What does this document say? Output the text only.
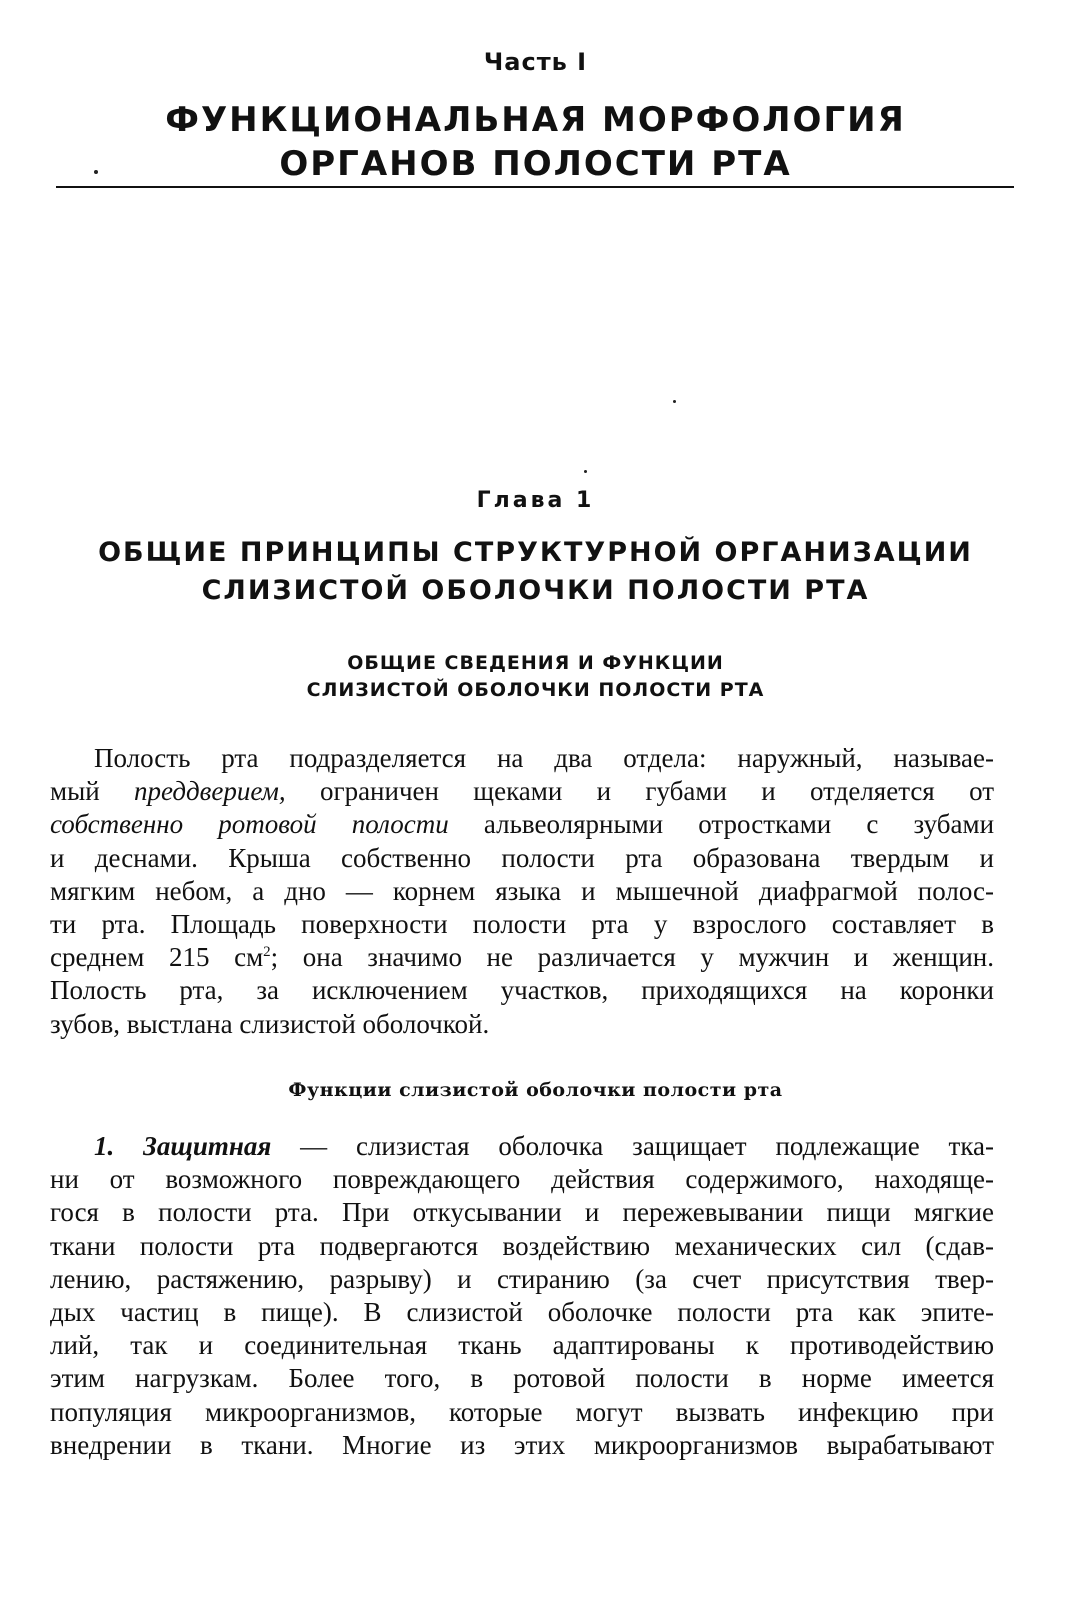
Часть I
ФУНКЦИОНАЛЬНАЯ МОРФОЛОГИЯ
ОРГАНОВ ПОЛОСТИ РТА
Глава 1
ОБЩИЕ ПРИНЦИПЫ СТРУКТУРНОЙ ОРГАНИЗАЦИИ
СЛИЗИСТОЙ ОБОЛОЧКИ ПОЛОСТИ РТА
ОБЩИЕ СВЕДЕНИЯ И ФУНКЦИИ
СЛИЗИСТОЙ ОБОЛОЧКИ ПОЛОСТИ РТА
Полость рта подразделяется на два отдела: наружный, называе-
мый преддверием, ограничен щеками и губами и отделяется от
собственно ротовой полости альвеолярными отростками с зубами
и деснами. Крыша собственно полости рта образована твердым и
мягким небом, а дно — корнем языка и мышечной диафрагмой полос-
ти рта. Площадь поверхности полости рта у взрослого составляет в
среднем 215 $см^2$; она значимо не различается у мужчин и женщин.
Полость рта, за исключением участков, приходящихся на коронки
зубов, выстлана слизистой оболочкой.
Функции слизистой оболочки полости рта
1. Защитная — слизистая оболочка защищает подлежащие тка-
ни от возможного повреждающего действия содержимого, находяще-
гося в полости рта. При откусывании и пережевывании пищи мягкие
ткани полости рта подвергаются воздействию механических сил (сдав-
лению, растяжению, разрыву) и стиранию (за счет присутствия твер-
дых частиц в пище). В слизистой оболочке полости рта как эпите-
лий, так и соединительная ткань адаптированы к противодействию
этим нагрузкам. Более того, в ротовой полости в норме имеется
популяция микроорганизмов, которые могут вызвать инфекцию при
внедрении в ткани. Многие из этих микроорганизмов вырабатывают
